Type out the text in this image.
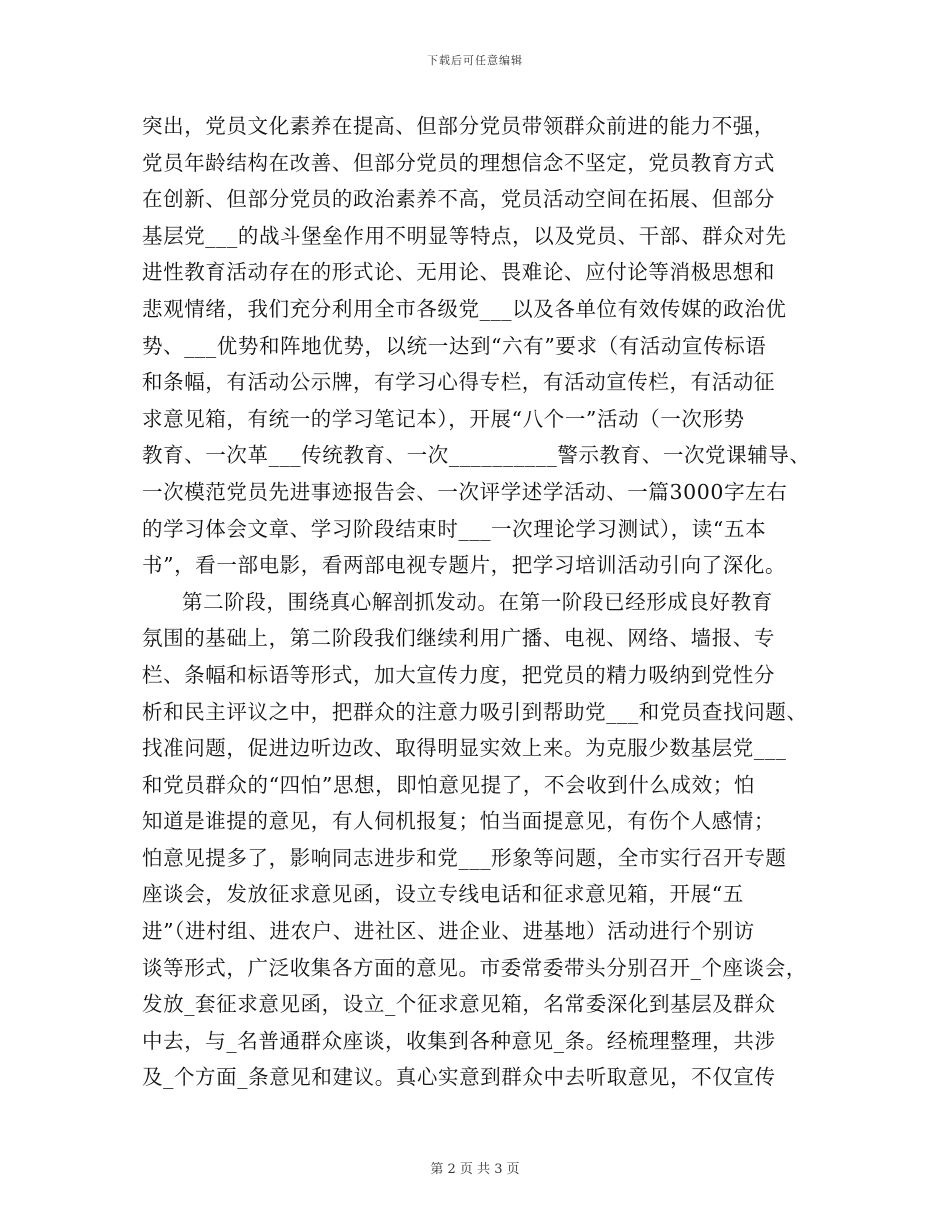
下载后可任意编辑
突出，党员文化素养在提高、但部分党员带领群众前进的能力不强，
党员年龄结构在改善、但部分党员的理想信念不坚定，党员教育方式
在创新、但部分党员的政治素养不高，党员活动空间在拓展、但部分
基层党___的战斗堡垒作用不明显等特点，以及党员、干部、群众对先
进性教育活动存在的形式论、无用论、畏难论、应付论等消极思想和
悲观情绪，我们充分利用全市各级党___以及各单位有效传媒的政治优
势、___优势和阵地优势，以统一达到“六有”要求（有活动宣传标语
和条幅，有活动公示牌，有学习心得专栏，有活动宣传栏，有活动征
求意见箱，有统一的学习笔记本），开展“八个一”活动（一次形势
教育、一次革___传统教育、一次__________警示教育、一次党课辅导、
一次模范党员先进事迹报告会、一次评学述学活动、一篇3000字左右
的学习体会文章、学习阶段结束时___一次理论学习测试），读“五本
书”，看一部电影，看两部电视专题片，把学习培训活动引向了深化。
第二阶段，围绕真心解剖抓发动。在第一阶段已经形成良好教育
氛围的基础上，第二阶段我们继续利用广播、电视、网络、墙报、专
栏、条幅和标语等形式，加大宣传力度，把党员的精力吸纳到党性分
析和民主评议之中，把群众的注意力吸引到帮助党___和党员查找问题、
找准问题，促进边听边改、取得明显实效上来。为克服少数基层党___
和党员群众的“四怕”思想，即怕意见提了，不会收到什么成效；怕
知道是谁提的意见，有人伺机报复；怕当面提意见，有伤个人感情；
怕意见提多了，影响同志进步和党___形象等问题，全市实行召开专题
座谈会，发放征求意见函，设立专线电话和征求意见箱，开展“五
进”（进村组、进农户、进社区、进企业、进基地）活动进行个别访
谈等形式，广泛收集各方面的意见。市委常委带头分别召开_个座谈会，
发放_套征求意见函，设立_个征求意见箱，名常委深化到基层及群众
中去，与_名普通群众座谈，收集到各种意见_条。经梳理整理，共涉
及_个方面_条意见和建议。真心实意到群众中去听取意见，不仅宣传
第 2 页 共 3 页
